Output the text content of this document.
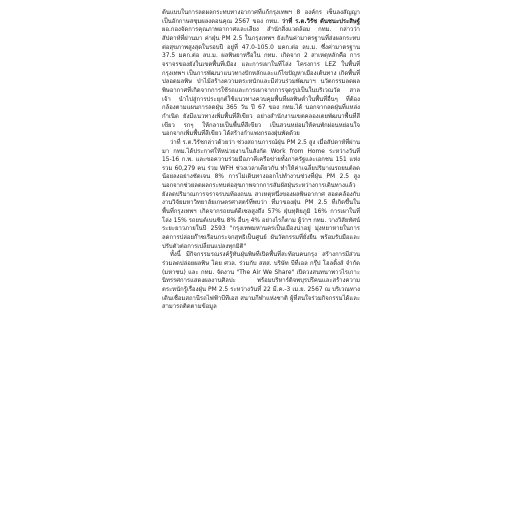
ต้นแบบในการลดผลกระทบทางอากาศที่แก้กรุงเทพฯ 8 องค์กร เซ็นลงสัญญาเป็นอักกาษสชุมผลงดอนคุณ 2567 ของ กทม. ว่าที่ ร.ต.วิรัช ตันชนะประสิษฐ์ ผอ.กองจัดการคุณภาพอากาศและเสียง สำนักสิ่งแวดล้อม กทม. กล่าวว่า สัปดาห์ที่ผ่านมา ค่าฝุ่น PM 2.5 ในกรุงเทพฯ ยังเกินค่ามาตรฐานที่ส่งผลกระทบต่อสุขภาพสูงสุดในรอบปี อยู่ที่ 47.0-105.0 มคก.ต่อ ลบ.ม. ซึ่งค่ามาตรฐาน 37.5 มคก.ต่อ ลบ.ม. ผลพิษยาหรือใน กทม. เกิดจาก 2 สาเหตุหลักคือ การจราจรของยังในเขตพื้นที่เมือง และการเผาในที่โล่ง โครงการ LEZ ในพื้นที่กรุงเทพฯ เป็นการพัฒนาแนวทางปักหลักและแก้ไขปัญหาเมืองเต้นทาง เกิดพื้นที่ปลอดมลพิษ ป่าไม้สร้างความตระหนักและมีส่วนร่วมพัฒนาฯ นวัตกรรมลดผลพิษอากาศที่เกิดจากการใช้รถและการเผาจากการจุดรูปเป็นในบริเวณวัด สาลเจ้า นำไปสู่การประยุกต์ใช้แนวทางควบคุมพื้นที่ผลพิษต่ำในพื้นที่อื่นๆ ที่ต้องกล้องตามแผนการลดฝุ่น 365 วัน ปี 67 ของ กทม.ได้ นอกจากลดฝุ่นที่แหล่งกำเนิด ยังมีแนวทางเพิ่มพื้นที่สีเขียว อย่างสำนักงานเขตคลองเตยพัฒนาพื้นที่สีเขียว รกๆ ให้กลายเป็นพื้นที่สีเขียว เป็นสวนหย่อมให้คนพักผ่อนหย่อนใจ นอกจากเพิ่มพื้นที่สีเขียว ได้สร้างกำแพงกรองฝุ่นพัดด้วย

ว่าที่ ร.ต.วิรัชกล่าวด้วยว่า ช่วงสถานการณ์ฝุ่น PM 2.5 สูง เมื่อสัปดาห์ที่ผ่านมา กทม.ได้ประกาศให้หน่วยงานในสังกัด Work from Home ระหว่างวันที่ 15-16 ก.พ. และขอความร่วมมือภาคีเครือข่ายทั้งภาครัฐและเอกชน 151 แห่ง รวม 60,279 คน ร่วม WFH ช่วงเวลาเดียวกัน ทำให้ค่าเฉลี่ยปริมาณรถยนต์ลดน้อยลงอย่างชัดเจน 8% การไม่เดินทางออกไปทำงานช่วงที่ฝุ่น PM 2.5 สูง นอกจากช่วยลดผลกระทบต่อสุขภาพจากการสัมผัสฝุ่นระหว่างการเดินทางแล้ว ยังลดปริมาณการจราจรบนท้องถนน สาเหตุหนึ่งของผลพิษอากาศ สอดคล้องกับงานวิจัยมหาวิทยาลัยเกษตรศาสตร์ที่พบว่า ที่มาของฝุ่น PM 2.5 ที่เกิดขึ้นในพื้นที่กรุงเทพฯ เกิดจากรถยนต์ดีเซลสูงถึง 57% ฝุ่นทุติยภูมิ 16% การเผาในที่โล่ง 15% รถยนต์เบนซิน 8% อื่นๆ 4% อย่างไรก็ตาม ผู้ว่าฯ กทม. วางวิสัยทัศน์ระยะยาวภายในปี 2593 "กรุงเทพมหานครเป็นเมืองน่าอยู่ มุ่งหยาหายในการลดการปล่อยก๊าซเรือนกระจกสุทธิเป็นศูนย์ ผันวัตกรรมที่ยั่งยืน พร้อมรับมือและปรับตัวต่อการเปลี่ยนแปลงทุกมิติ"

ทั้งนี้ มีกิจกรรมรณรงค์รู้ทันฝุ่นพิษที่เปิดพื้นที่สะท้อนคนกรุง สร้างการมีส่วนร่วมลดปล่อยผลพิษ โดย ศวล. ร่วมกับ สสส. บริษัท บีที่เอล กรุ๊ป โฮลดิ้งส์ จำกัด (มหาชน) และ กทม. จัดงาน "The Air We Share" เปิดวงสนทนาพาวไรเกาะนิทรรศการแสดงผลงานศิลปะ พร้อมบริหาร์ดิจพบุรปรีคนและสร้างความตระหนักรู้เรื่องฝุ่น PM 2.5 ระหว่างวันที่ 22 มี.ค.-3 เม.ย. 2567 ณ บริเวณทางเดินเชื่อมสถานีรถไฟฟ้าบีทีเอส สนามกีฬาแห่งชาติ ผู้ที่สนใจร่วมกิจกรรมได้และสามารถติดตามข้อมูล
